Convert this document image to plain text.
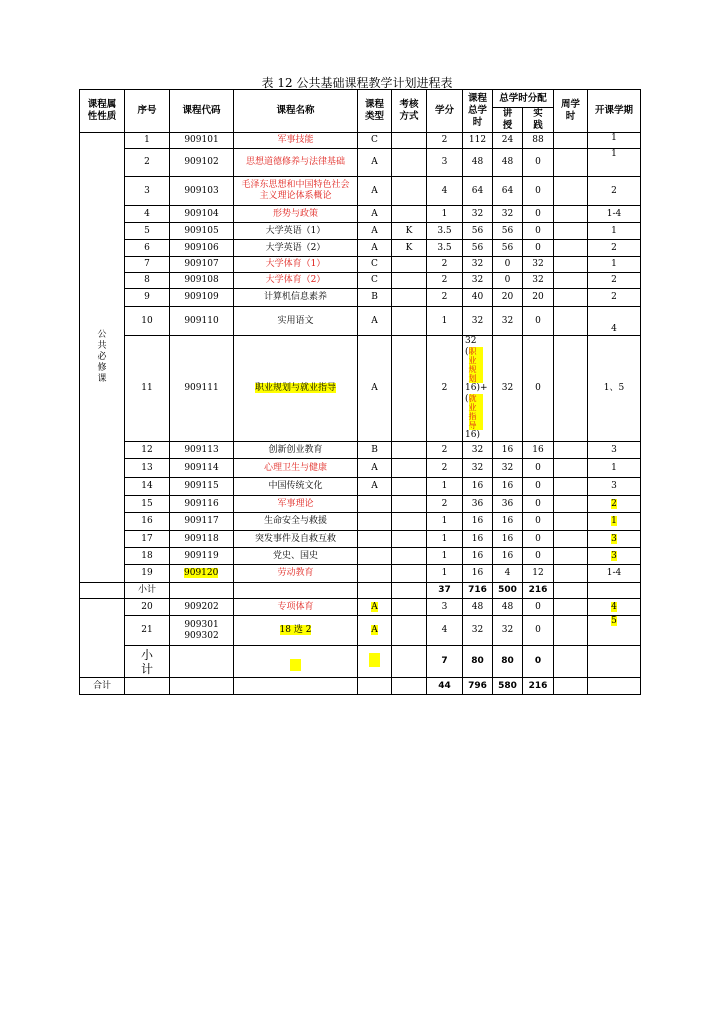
表 12 公共基础课程教学计划进程表
课程属性性质	序号	课程代码	课程名称	课程类型	考核方式	学分	课程总学时	总学时分配		周学时	开课学期
								讲授	实践		
公共必修课	1	909101	军事技能	C		2	112	24	88		1
	2	909102	思想道德修养与法律基础	A		3	48	48	0		1
	3	909103	毛泽东思想和中国特色社会主义理论体系概论	A		4	64	64	0		2
	4	909104	形势与政策	A		1	32	32	0		1-4
	5	909105	大学英语（1）	A	K	3.5	56	56	0		1
	6	909106	大学英语（2）	A	K	3.5	56	56	0		2
	7	909107	大学体育（1）	C		2	32	0	32		1
	8	909108	大学体育（2）	C		2	32	0	32		2
	9	909109	计算机信息素养	B		2	40	20	20		2
	10	909110	实用语文	A		1	32	32	0		4
	11	909111	职业规划与就业指导	A		2	32
(职业规划
16)+
(就业指导
16)	32	0		1、5
	12	909113	创新创业教育	B		2	32	16	16		3
	13	909114	心理卫生与健康	A		2	32	32	0		1
	14	909115	中国传统文化	A		1	16	16	0		3
	15	909116	军事理论			2	36	36	0		2
	16	909117	生命安全与救援			1	16	16	0		1
	17	909118	突发事件及自救互救			1	16	16	0		3
	18	909119	党史、国史			1	16	16	0		3
	19	909120	劳动教育			1	16	4	12		1-4
	小计					37	716	500	216		
	20	909202	专项体育	A		3	48	48	0		4
	21	909301
909302	18 选 2	A		4	32	32	0		5
	小计					7	80	80	0		
合计						44	796	580	216		
